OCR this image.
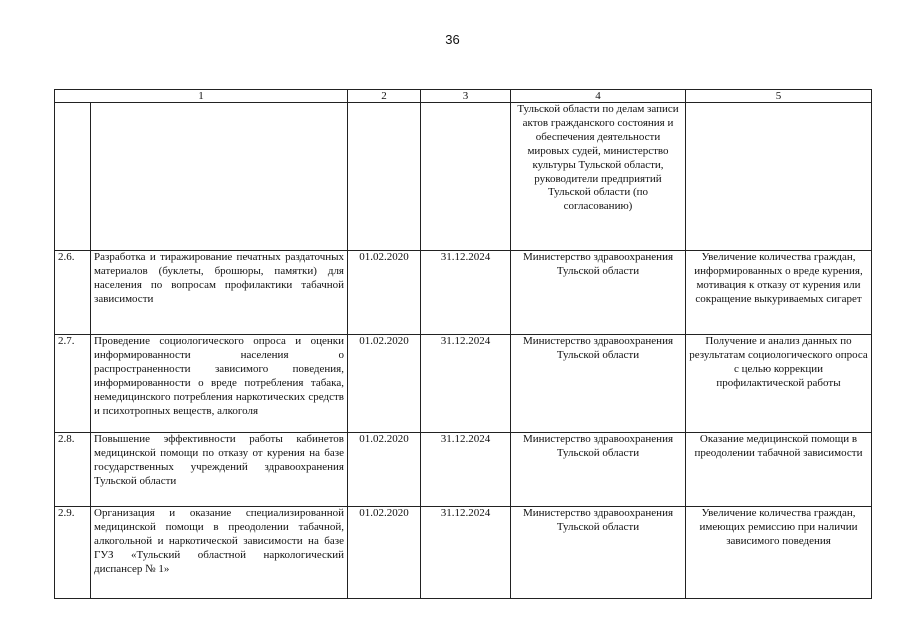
36
1		2	3	4	5
				Тульской области по делам записи актов гражданского состояния и обеспечения деятельности мировых судей, министерство культуры Тульской области, руководители предприятий Тульской области (по согласованию)	
2.6.	Разработка и тиражирование печатных раздаточных материалов (буклеты, брошюры, памятки) для населения по вопросам профилактики табачной зависимости	01.02.2020	31.12.2024	Министерство здравоохранения Тульской области	Увеличение количества граждан, информированных о вреде курения, мотивация к отказу от курения или сокращение выкуриваемых сигарет
2.7.	Проведение социологического опроса и оценки информированности населения о распространенности зависимого поведения, информированности о вреде потребления табака, немедицинского потребления наркотических средств и психотропных веществ, алкоголя	01.02.2020	31.12.2024	Министерство здравоохранения Тульской области	Получение и анализ данных по результатам социологического опроса с целью коррекции профилактической работы
2.8.	Повышение эффективности работы кабинетов медицинской помощи по отказу от курения на базе государственных учреждений здравоохранения Тульской области	01.02.2020	31.12.2024	Министерство здравоохранения Тульской области	Оказание медицинской помощи в преодолении табачной зависимости
2.9.	Организация и оказание специализированной медицинской помощи в преодолении табачной, алкогольной и наркотической зависимости на базе ГУЗ «Тульский областной наркологический диспансер № 1»	01.02.2020	31.12.2024	Министерство здравоохранения Тульской области	Увеличение количества граждан, имеющих ремиссию при наличии зависимого поведения
